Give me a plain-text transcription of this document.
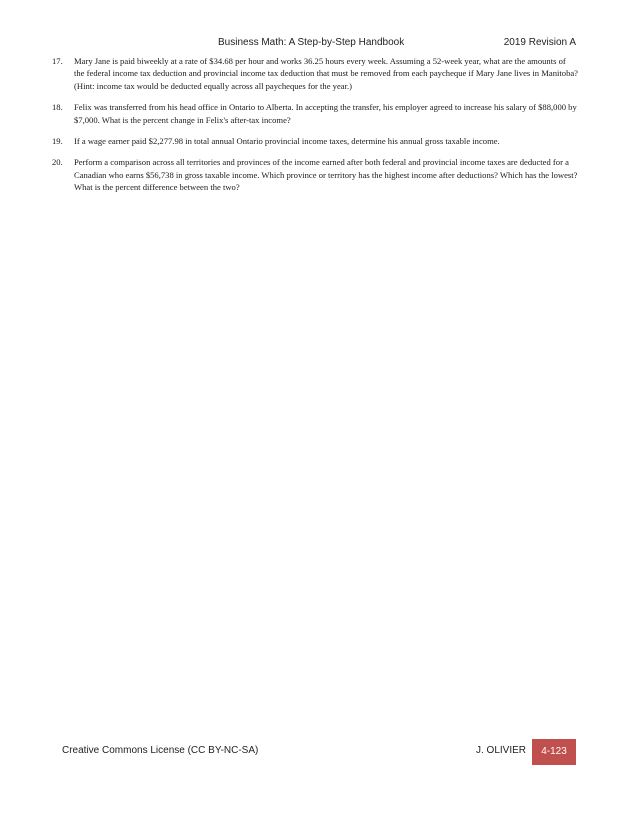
Business Math: A Step-by-Step Handbook	2019 Revision A
17.	Mary Jane is paid biweekly at a rate of $34.68 per hour and works 36.25 hours every week. Assuming a 52-week year, what are the amounts of the federal income tax deduction and provincial income tax deduction that must be removed from each paycheque if Mary Jane lives in Manitoba? (Hint: income tax would be deducted equally across all paycheques for the year.)
18.	Felix was transferred from his head office in Ontario to Alberta. In accepting the transfer, his employer agreed to increase his salary of $88,000 by $7,000. What is the percent change in Felix's after-tax income?
19.	If a wage earner paid $2,277.98 in total annual Ontario provincial income taxes, determine his annual gross taxable income.
20.	Perform a comparison across all territories and provinces of the income earned after both federal and provincial income taxes are deducted for a Canadian who earns $56,738 in gross taxable income. Which province or territory has the highest income after deductions? Which has the lowest? What is the percent difference between the two?
Creative Commons License (CC BY-NC-SA)	J. OLIVIER	4-123
